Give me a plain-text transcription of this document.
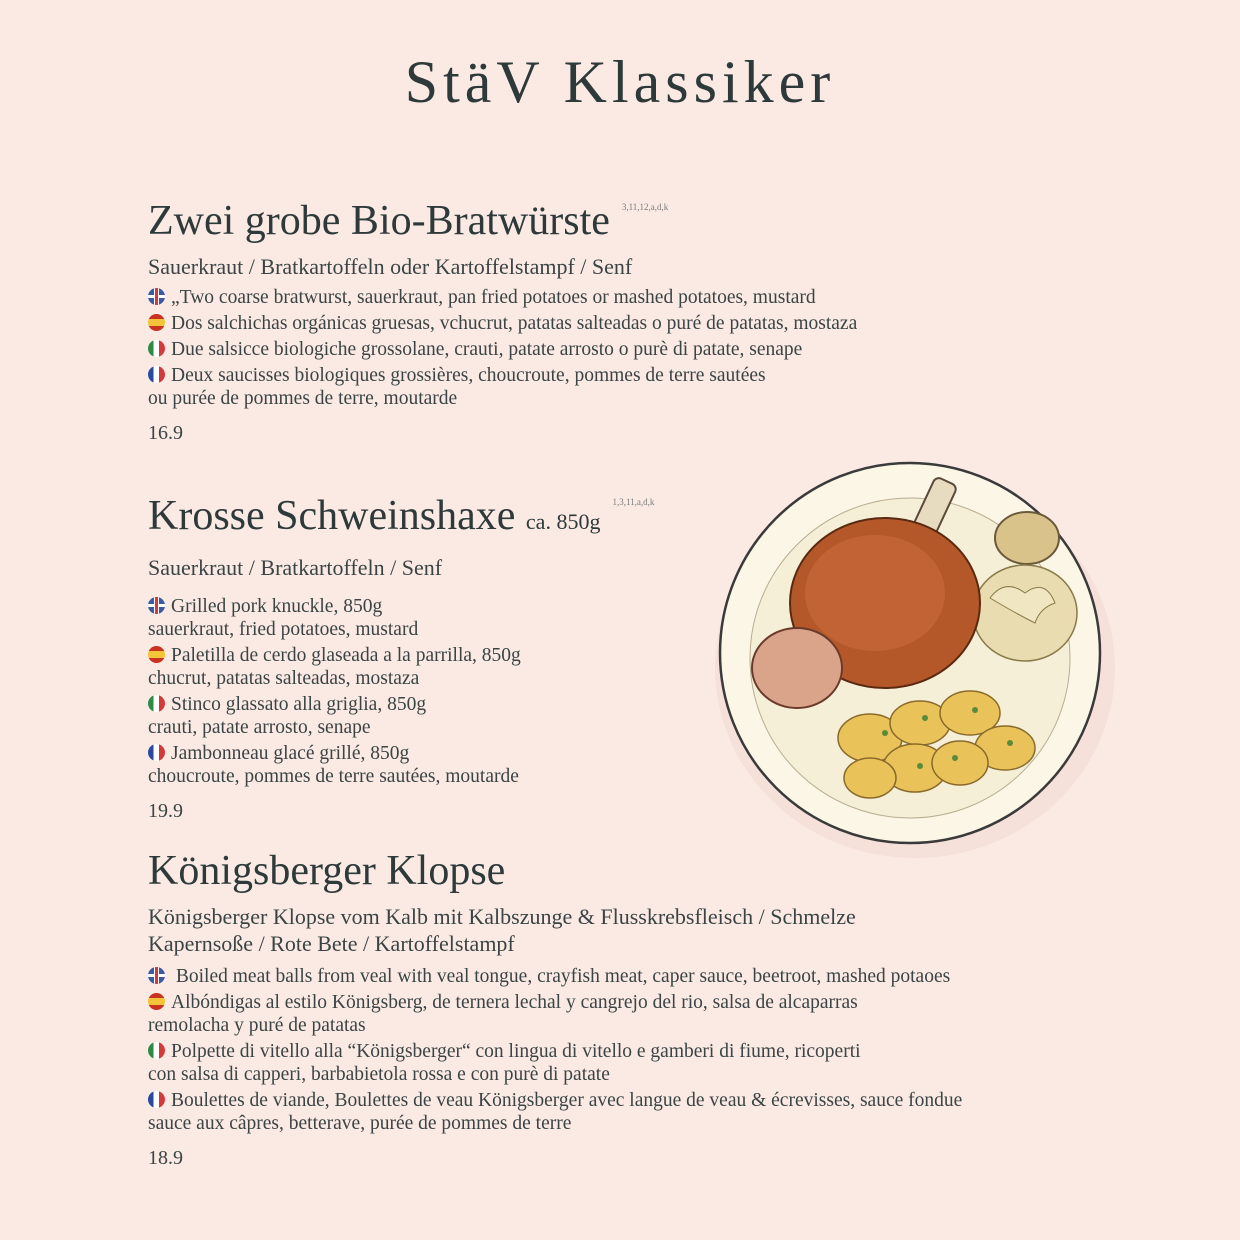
StäV Klassiker
Zwei grobe Bio-Bratwürste $^{3,11,12,a,d,k}$
Sauerkraut / Bratkartoffeln oder Kartoffelstampf / Senf
„Two coarse bratwurst, sauerkraut, pan fried potatoes or mashed potatoes, mustard
Dos salchichas orgánicas gruesas, vchucrut, patatas salteadas o puré de patatas, mostaza
Due salsicce biologiche grossolane, crauti, patate arrosto o purè di patate, senape
Deux saucisses biologiques grossières, choucroute, pommes de terre sautées
ou purée de pommes de terre, moutarde
16.9
Krosse Schweinshaxe ca. $850g^{1,3,11,a,d,k}$
Sauerkraut / Bratkartoffeln / Senf
Grilled pork knuckle, 850g
sauerkraut, fried potatoes, mustard
Paletilla de cerdo glaseada a la parrilla, 850g
chucrut, patatas salteadas, mostaza
Stinco glassato alla griglia, 850g
crauti, patate arrosto, senape
Jambonneau glacé grillé, 850g
choucroute, pommes de terre sautées, moutarde
19.9
Königsberger Klopse
Königsberger Klopse vom Kalb mit Kalbszunge & Flusskrebsfleisch / Schmelze
Kapernsoße / Rote Bete / Kartoffelstampf
Boiled meat balls from veal with veal tongue, crayfish meat, caper sauce, beetroot, mashed potaoes
Albóndigas al estilo Königsberg, de ternera lechal y cangrejo del rio, salsa de alcaparras
remolacha y puré de patatas
Polpette di vitello alla “Königsberger“ con lingua di vitello e gamberi di fiume, ricoperti
con salsa di capperi, barbabietola rossa e con purè di patate
Boulettes de viande, Boulettes de veau Königsberger avec langue de veau & écrevisses, sauce fondue
sauce aux câpres, betterave, purée de pommes de terre
18.9
